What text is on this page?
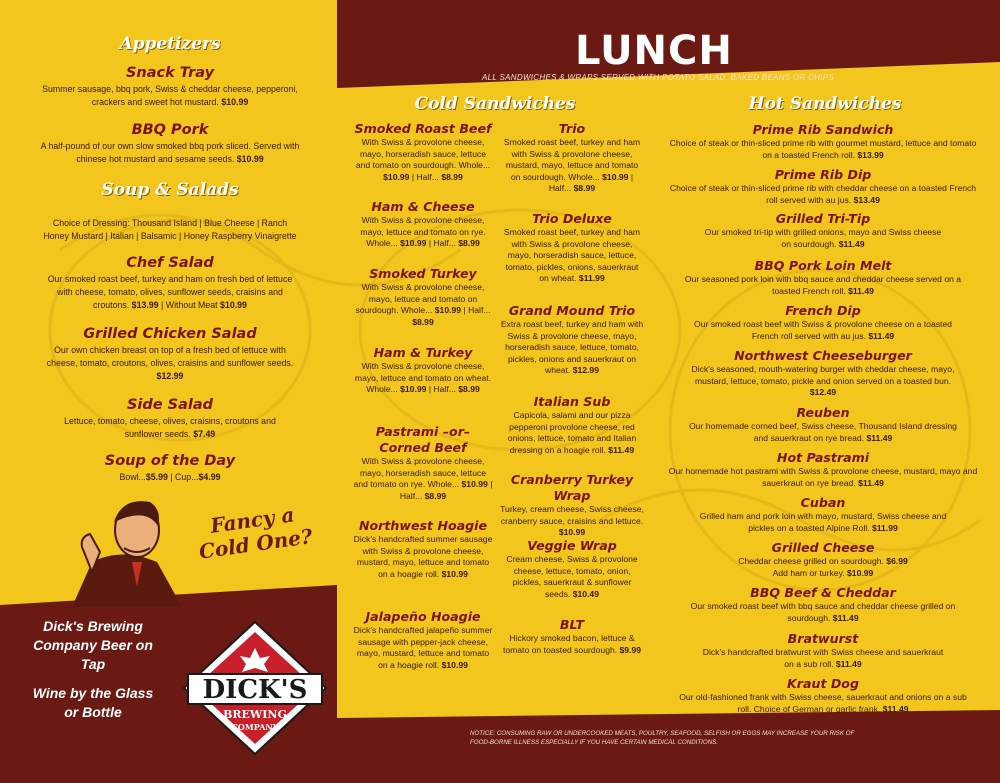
Appetizers
Snack Tray
Summer sausage, bbq pork, Swiss & cheddar cheese, pepperoni, crackers and sweet hot mustard. $10.99
BBQ Pork
A half-pound of our own slow smoked bbq pork sliced. Served with chinese hot mustard and sesame seeds. $10.99
Soup & Salads
Choice of Dressing: Thousand Island | Blue Cheese | Ranch
Honey Mustard | Italian | Balsamic | Honey Raspberry Vinaigrette
Chef Salad
Our smoked roast beef, turkey and ham on fresh bed of lettuce with cheese, tomato, olives, sunflower seeds, craisins and croutons. $13.99 | Without Meat $10.99
Grilled Chicken Salad
Our own chicken breast on top of a fresh bed of lettuce with cheese, tomato, croutons, olives, craisins and sunflower seeds. $12.99
Side Salad
Lettuce, tomato, cheese, olives, craisins, croutons and sunflower seeds. $7.49
Soup of the Day
Bowl...$5.99 | Cup...$4.99
Fancy a Cold One?
Dick's Brewing Company Beer on Tap
Wine by the Glass or Bottle
DICK'S
BREWING
COMPANY
LUNCH
ALL SANDWICHES & WRAPS SERVED WITH POTATO SALAD, BAKED BEANS OR CHIPS
Cold Sandwiches
Smoked Roast Beef
With Swiss & provolone cheese, mayo, horseradish sauce, lettuce and tomato on sourdough. Whole... $10.99 | Half... $8.99
Ham & Cheese
With Swiss & provolone cheese, mayo, lettuce and tomato on rye. Whole... $10.99 | Half... $8.99
Smoked Turkey
With Swiss & provolone cheese, mayo, lettuce and tomato on sourdough. Whole... $10.99 | Half... $8.99
Ham & Turkey
With Swiss & provolone cheese, mayo, lettuce and tomato on wheat. Whole... $10.99 | Half... $8.99
Pastrami –or– Corned Beef
With Swiss & provolone cheese, mayo, horseradish sauce, lettuce and tomato on rye. Whole... $10.99 | Half... $8.99
Northwest Hoagie
Dick's handcrafted summer sausage with Swiss & provolone cheese, mustard, mayo, lettuce and tomato on a hoagie roll. $10.99
Jalapeño Hoagie
Dick's handcrafted jalapeño summer sausage with pepper-jack cheese, mayo, mustard, lettuce and tomato on a hoagie roll. $10.99
Trio
Smoked roast beef, turkey and ham with Swiss & provolone cheese, mustard, mayo, lettuce and tomato on sourdough. Whole... $10.99 | Half... $8.99
Trio Deluxe
Smoked roast beef, turkey and ham with Swiss & provolone cheese, mayo, horseradish sauce, lettuce, tomato, pickles, onions, sauerkraut on wheat. $11.99
Grand Mound Trio
Extra roast beef, turkey and ham with Swiss & provolone cheese, mayo, horseradish sauce, lettuce, tomato, pickles, onions and sauerkraut on wheat. $12.99
Italian Sub
Capicola, salami and our pizza pepperoni provolone cheese, red onions, lettuce, tomato and Italian dressing on a hoagie roll. $11.49
Cranberry Turkey Wrap
Turkey, cream cheese, Swiss cheese, cranberry sauce, craisins and lettuce. $10.99
Veggie Wrap
Cream cheese, Swiss & provolone cheese, lettuce, tomato, onion, pickles, sauerkraut & sunflower seeds. $10.49
BLT
Hickory smoked bacon, lettuce & tomato on toasted sourdough. $9.99
Hot Sandwiches
Prime Rib Sandwich
Choice of steak or thin-sliced prime rib with gourmet mustard, lettuce and tomato on a toasted French roll. $13.99
Prime Rib Dip
Choice of steak or thin-sliced prime rib with cheddar cheese on a toasted French roll served with au jus. $13.49
Grilled Tri-Tip
Our smoked tri-tip with grilled onions, mayo and Swiss cheese on sourdough. $11.49
BBQ Pork Loin Melt
Our seasoned pork loin with bbq sauce and cheddar cheese served on a toasted French roll. $11.49
French Dip
Our smoked roast beef with Swiss & provolone cheese on a toasted French roll served with au jus. $11.49
Northwest Cheeseburger
Dick's seasoned, mouth-watering burger with cheddar cheese, mayo, mustard, lettuce, tomato, pickle and onion served on a toasted bun. $12.49
Reuben
Our homemade corned beef, Swiss cheese, Thousand Island dressing and sauerkraut on rye bread. $11.49
Hot Pastrami
Our homemade hot pastrami with Swiss & provolone cheese, mustard, mayo and sauerkraut on rye bread. $11.49
Cuban
Grilled ham and pork loin with mayo, mustard, Swiss cheese and pickles on a toasted Alpine Roll. $11.99
Grilled Cheese
Cheddar cheese grilled on sourdough. $6.99
Add ham or turkey. $10.99
BBQ Beef & Cheddar
Our smoked roast beef with bbq sauce and cheddar cheese grilled on sourdough. $11.49
Bratwurst
Dick's handcrafted bratwurst with Swiss cheese and sauerkraut on a sub roll. $11.49
Kraut Dog
Our old-fashioned frank with Swiss cheese, sauerkraut and onions on a sub roll. Choice of German or garlic frank. $11.49
NOTICE: CONSUMING RAW OR UNDERCOOKED MEATS, POULTRY, SEAFOOD, SELFISH OR EGGS MAY INCREASE YOUR RISK OF FOOD-BORNE ILLNESS ESPECIALLY IF YOU HAVE CERTAIN MEDICAL CONDITIONS.
